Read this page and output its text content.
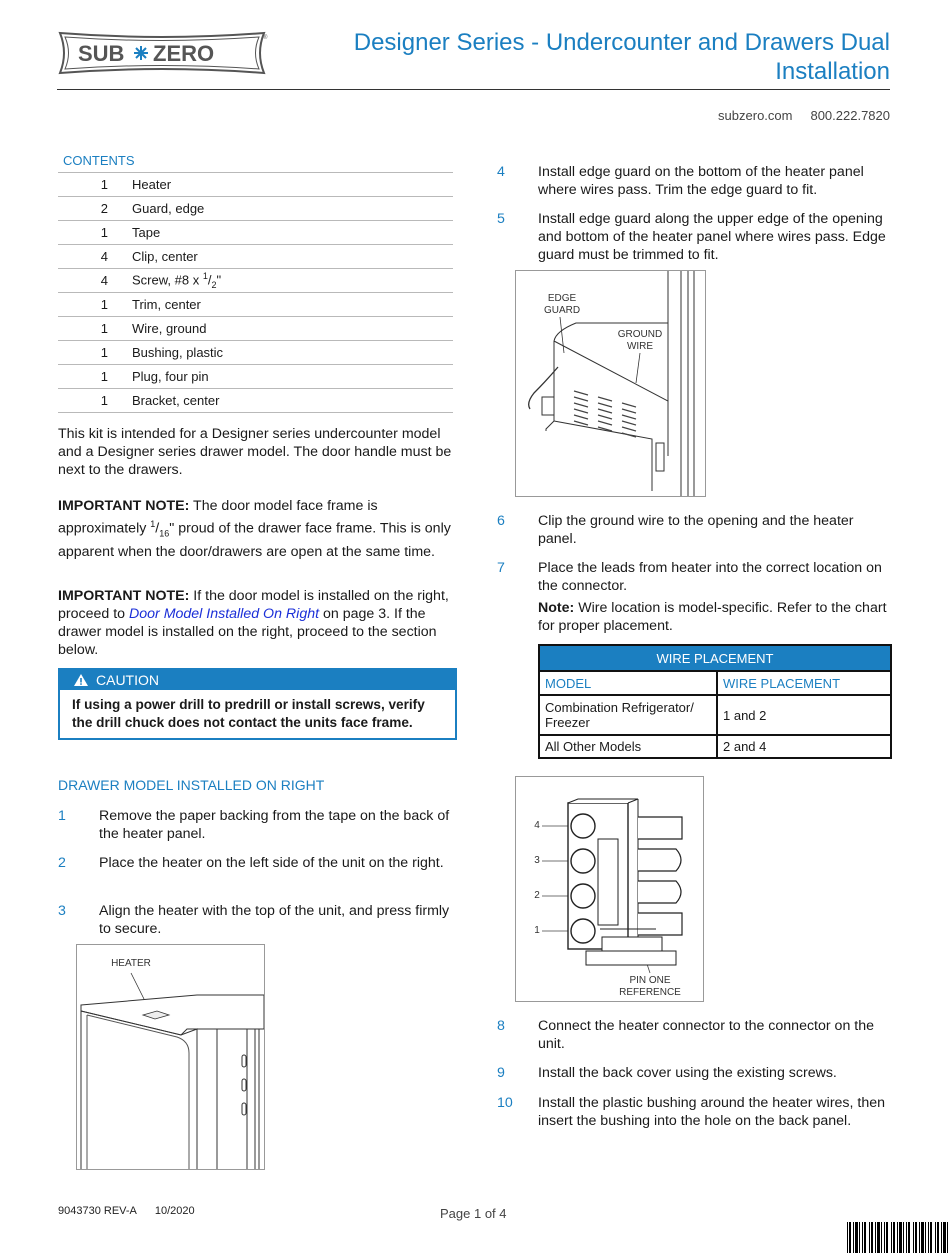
SUB ZERO
®	Designer Series - Undercounter and Drawers Dual Installation
subzero.com 800.222.7820
CONTENTS
1	Heater
2	Guard, edge
1	Tape
4	Clip, center
4	Screw, #8 x $^1/_2$"
1	Trim, center
1	Wire, ground
1	Bushing, plastic
1	Plug, four pin
1	Bracket, center
This kit is intended for a Designer series undercounter model and a Designer series drawer model. The door handle must be next to the drawers.
IMPORTANT NOTE: The door model face frame is approximately $^1/_{16}$" proud of the drawer face frame. This is only apparent when the door/drawers are open at the same time.
IMPORTANT NOTE: If the door model is installed on the right, proceed to Door Model Installed On Right on page 3. If the drawer model is installed on the right, proceed to the section below.
CAUTION
If using a power drill to predrill or install screws, verify the drill chuck does not contact the units face frame.
DRAWER MODEL INSTALLED ON RIGHT
1 Remove the paper backing from the tape on the back of the heater panel.
2 Place the heater on the left side of the unit on the right.
3 Align the heater with the top of the unit, and press firmly to secure.
HEATER
4 Install edge guard on the bottom of the heater panel where wires pass. Trim the edge guard to fit.
5 Install edge guard along the upper edge of the opening and bottom of the heater panel where wires pass. Edge guard must be trimmed to fit.
EDGE GUARD
GROUND WIRE
6 Clip the ground wire to the opening and the heater panel.
7 Place the leads from heater into the correct location on the connector.
Note: Wire location is model-specific. Refer to the chart for proper placement.
WIRE PLACEMENT	
MODEL	WIRE PLACEMENT
Combination Refrigerator/ Freezer	1 and 2
All Other Models	2 and 4
4
3
2
1
PIN ONE REFERENCE
8 Connect the heater connector to the connector on the unit.
9 Install the back cover using the existing screws.
10 Install the plastic bushing around the heater wires, then insert the bushing into the hole on the back panel.
9043730 REV-A 10/2020	Page 1 of 4
